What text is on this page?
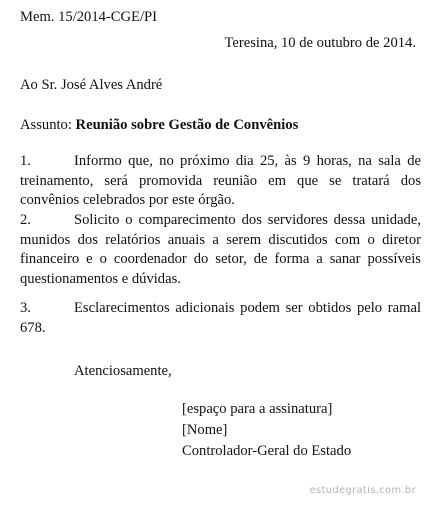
Mem. 15/2014-CGE/PI
Teresina, 10 de outubro de 2014.
Ao Sr. José Alves André
Assunto: Reunião sobre Gestão de Convênios
1.	Informo que, no próximo dia 25, às 9 horas, na sala de treinamento, será promovida reunião em que se tratará dos convênios celebrados por este órgão.
2.	Solicito o comparecimento dos servidores dessa unidade, munidos dos relatórios anuais a serem discutidos com o diretor financeiro e o coordenador do setor, de forma a sanar possíveis questionamentos e dúvidas.
3.	Esclarecimentos adicionais podem ser obtidos pelo ramal 678.
Atenciosamente,
[espaço para a assinatura]
[Nome]
Controlador-Geral do Estado
estudegratis.com.br
